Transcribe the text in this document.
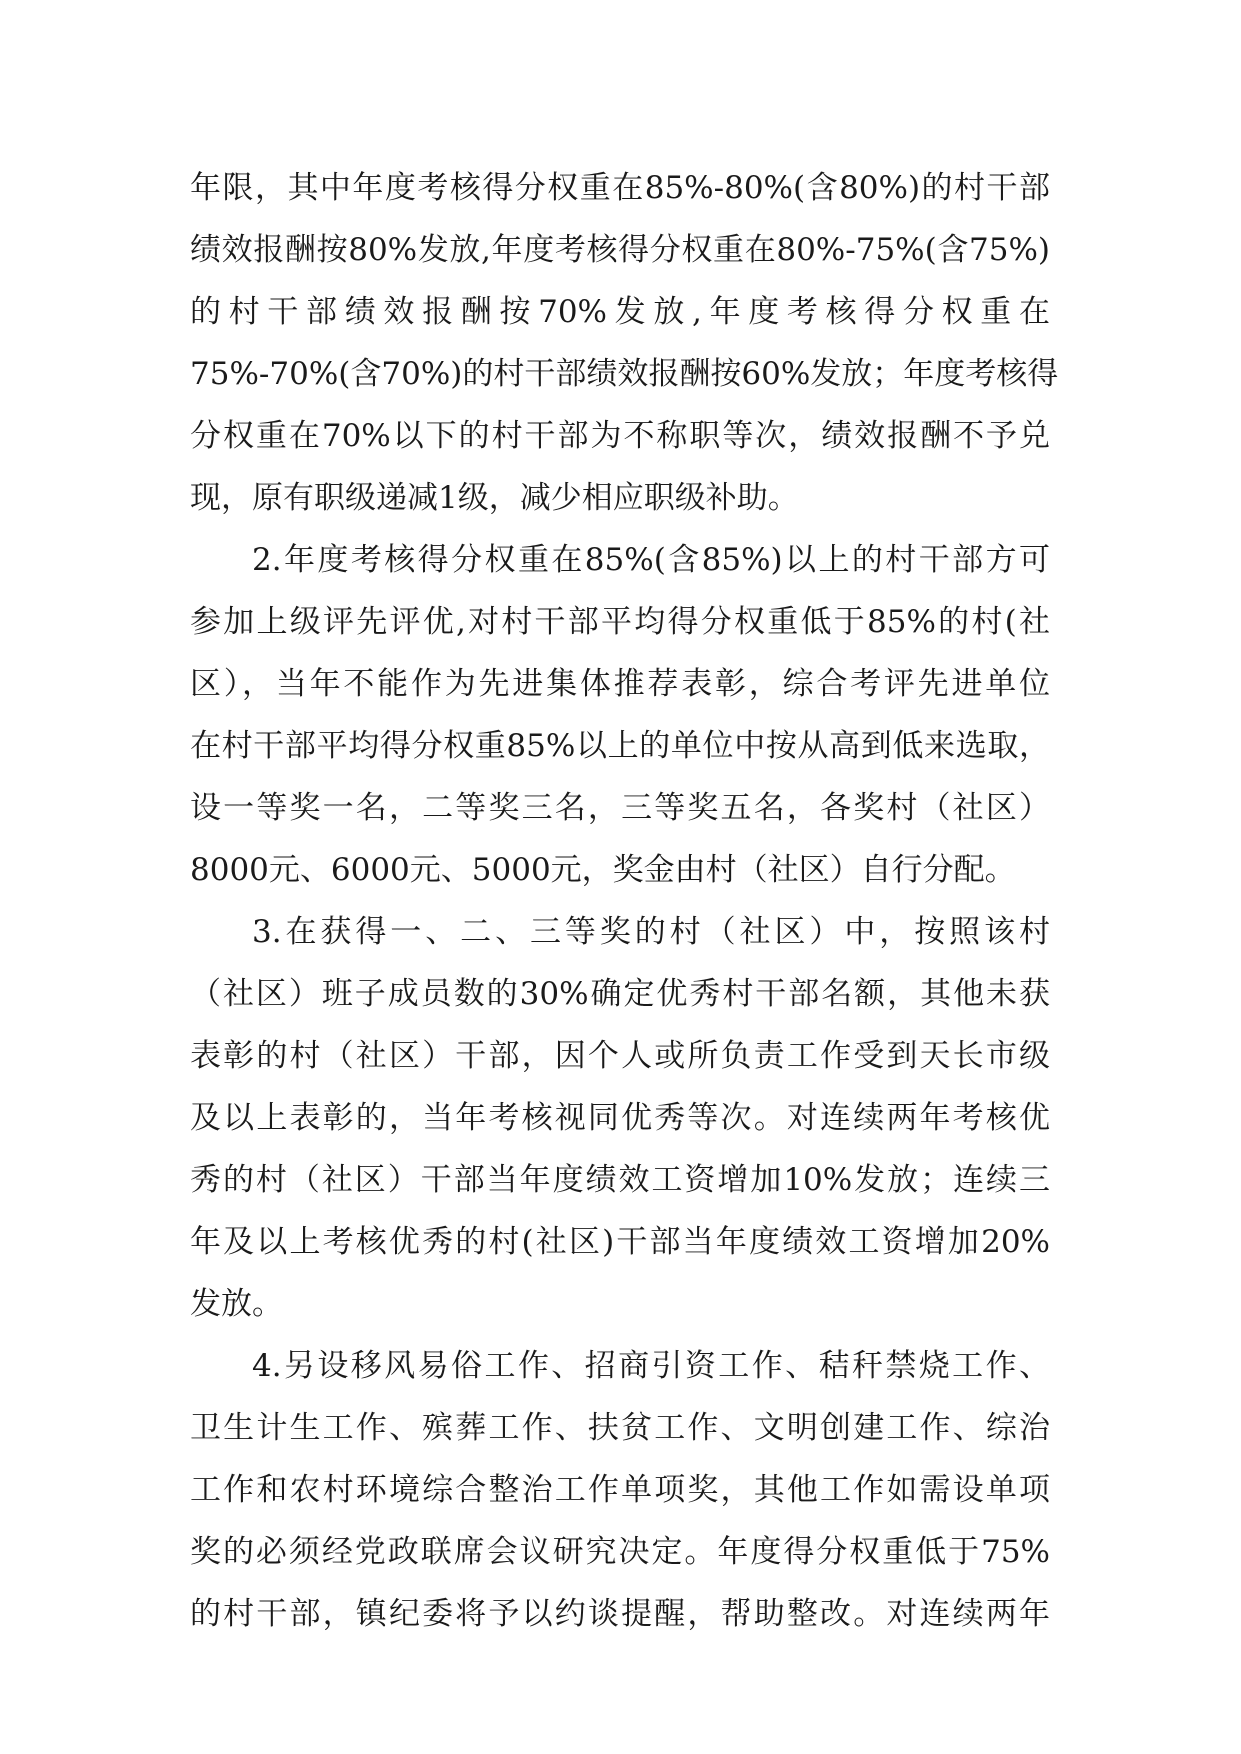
年限，其中年度考核得分权重在85%-80%(含80%)的村干部
绩效报酬按80%发放,年度考核得分权重在80%-75%(含75%)
的村干部绩效报酬按70%发放,年度考核得分权重在
75%-70%(含70%)的村干部绩效报酬按60%发放；年度考核得
分权重在70%以下的村干部为不称职等次，绩效报酬不予兑
现，原有职级递减1级，减少相应职级补助。
2.年度考核得分权重在85%(含85%)以上的村干部方可
参加上级评先评优,对村干部平均得分权重低于85%的村(社
区），当年不能作为先进集体推荐表彰，综合考评先进单位
在村干部平均得分权重85%以上的单位中按从高到低来选取，
设一等奖一名，二等奖三名，三等奖五名，各奖村（社区）
8000元、6000元、5000元，奖金由村（社区）自行分配。
3.在获得一、二、三等奖的村（社区）中，按照该村
（社区）班子成员数的30%确定优秀村干部名额，其他未获
表彰的村（社区）干部，因个人或所负责工作受到天长市级
及以上表彰的，当年考核视同优秀等次。对连续两年考核优
秀的村（社区）干部当年度绩效工资增加10%发放；连续三
年及以上考核优秀的村(社区)干部当年度绩效工资增加20%
发放。
4.另设移风易俗工作、招商引资工作、秸秆禁烧工作、
卫生计生工作、殡葬工作、扶贫工作、文明创建工作、综治
工作和农村环境综合整治工作单项奖，其他工作如需设单项
奖的必须经党政联席会议研究决定。年度得分权重低于75%
的村干部，镇纪委将予以约谈提醒，帮助整改。对连续两年
